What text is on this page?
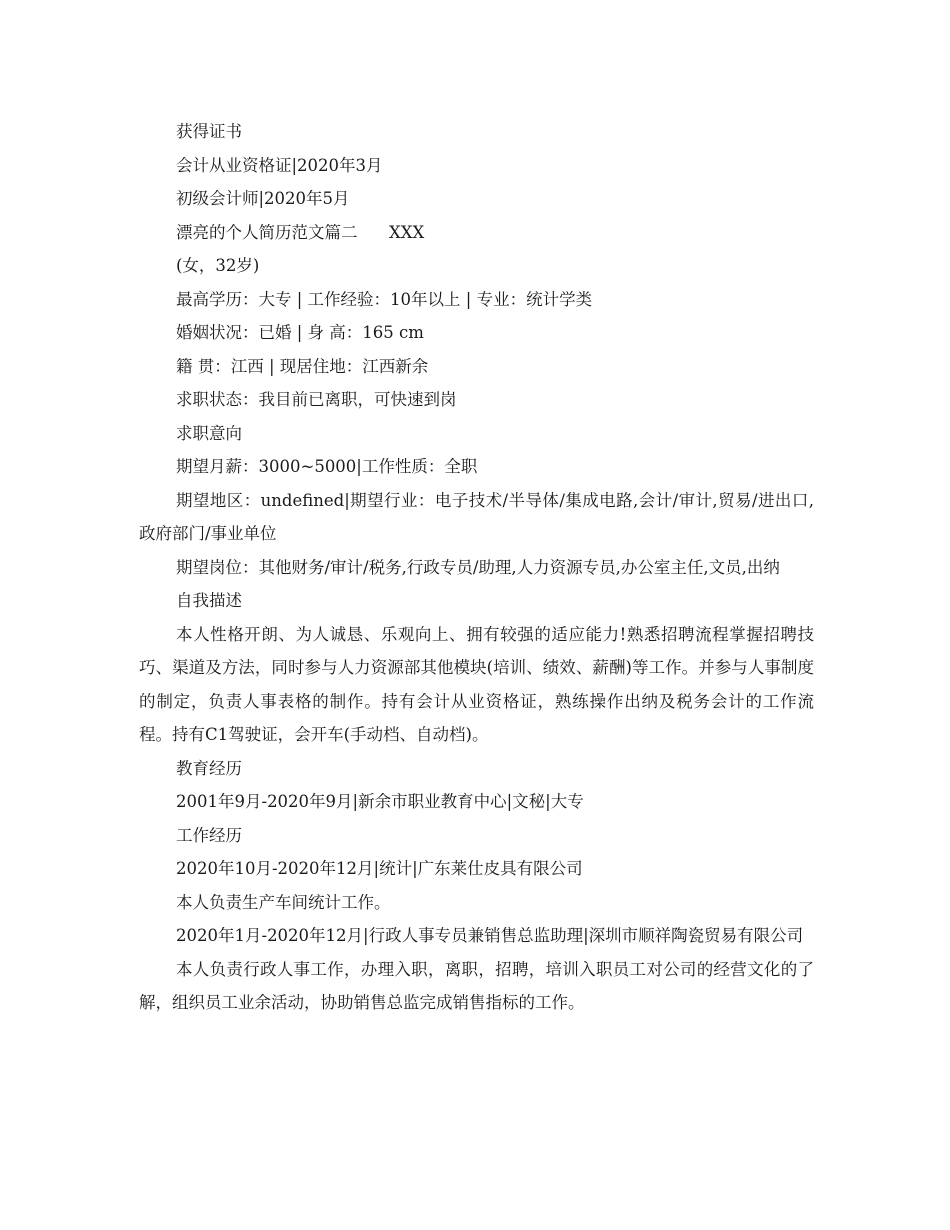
获得证书

会计从业资格证|2020年3月

初级会计师|2020年5月

漂亮的个人简历范文篇二      XXX

(女，32岁)

最高学历：大专 | 工作经验：10年以上 | 专业：统计学类

婚姻状况：已婚 | 身 高：165 cm

籍 贯：江西 | 现居住地：江西新余

求职状态：我目前已离职，可快速到岗

求职意向

期望月薪：3000~5000|工作性质：全职

期望地区：undefined|期望行业：电子技术/半导体/集成电路,会计/审计,贸易/进出口,政府部门/事业单位

期望岗位：其他财务/审计/税务,行政专员/助理,人力资源专员,办公室主任,文员,出纳

自我描述

本人性格开朗、为人诚恳、乐观向上、拥有较强的适应能力!熟悉招聘流程掌握招聘技巧、渠道及方法，同时参与人力资源部其他模块(培训、绩效、薪酬)等工作。并参与人事制度的制定，负责人事表格的制作。持有会计从业资格证，熟练操作出纳及税务会计的工作流程。持有C1驾驶证，会开车(手动档、自动档)。

教育经历

2001年9月-2020年9月|新余市职业教育中心|文秘|大专

工作经历

2020年10月-2020年12月|统计|广东莱仕皮具有限公司

本人负责生产车间统计工作。

2020年1月-2020年12月|行政人事专员兼销售总监助理|深圳市顺祥陶瓷贸易有限公司

本人负责行政人事工作，办理入职，离职，招聘，培训入职员工对公司的经营文化的了解，组织员工业余活动，协助销售总监完成销售指标的工作。
